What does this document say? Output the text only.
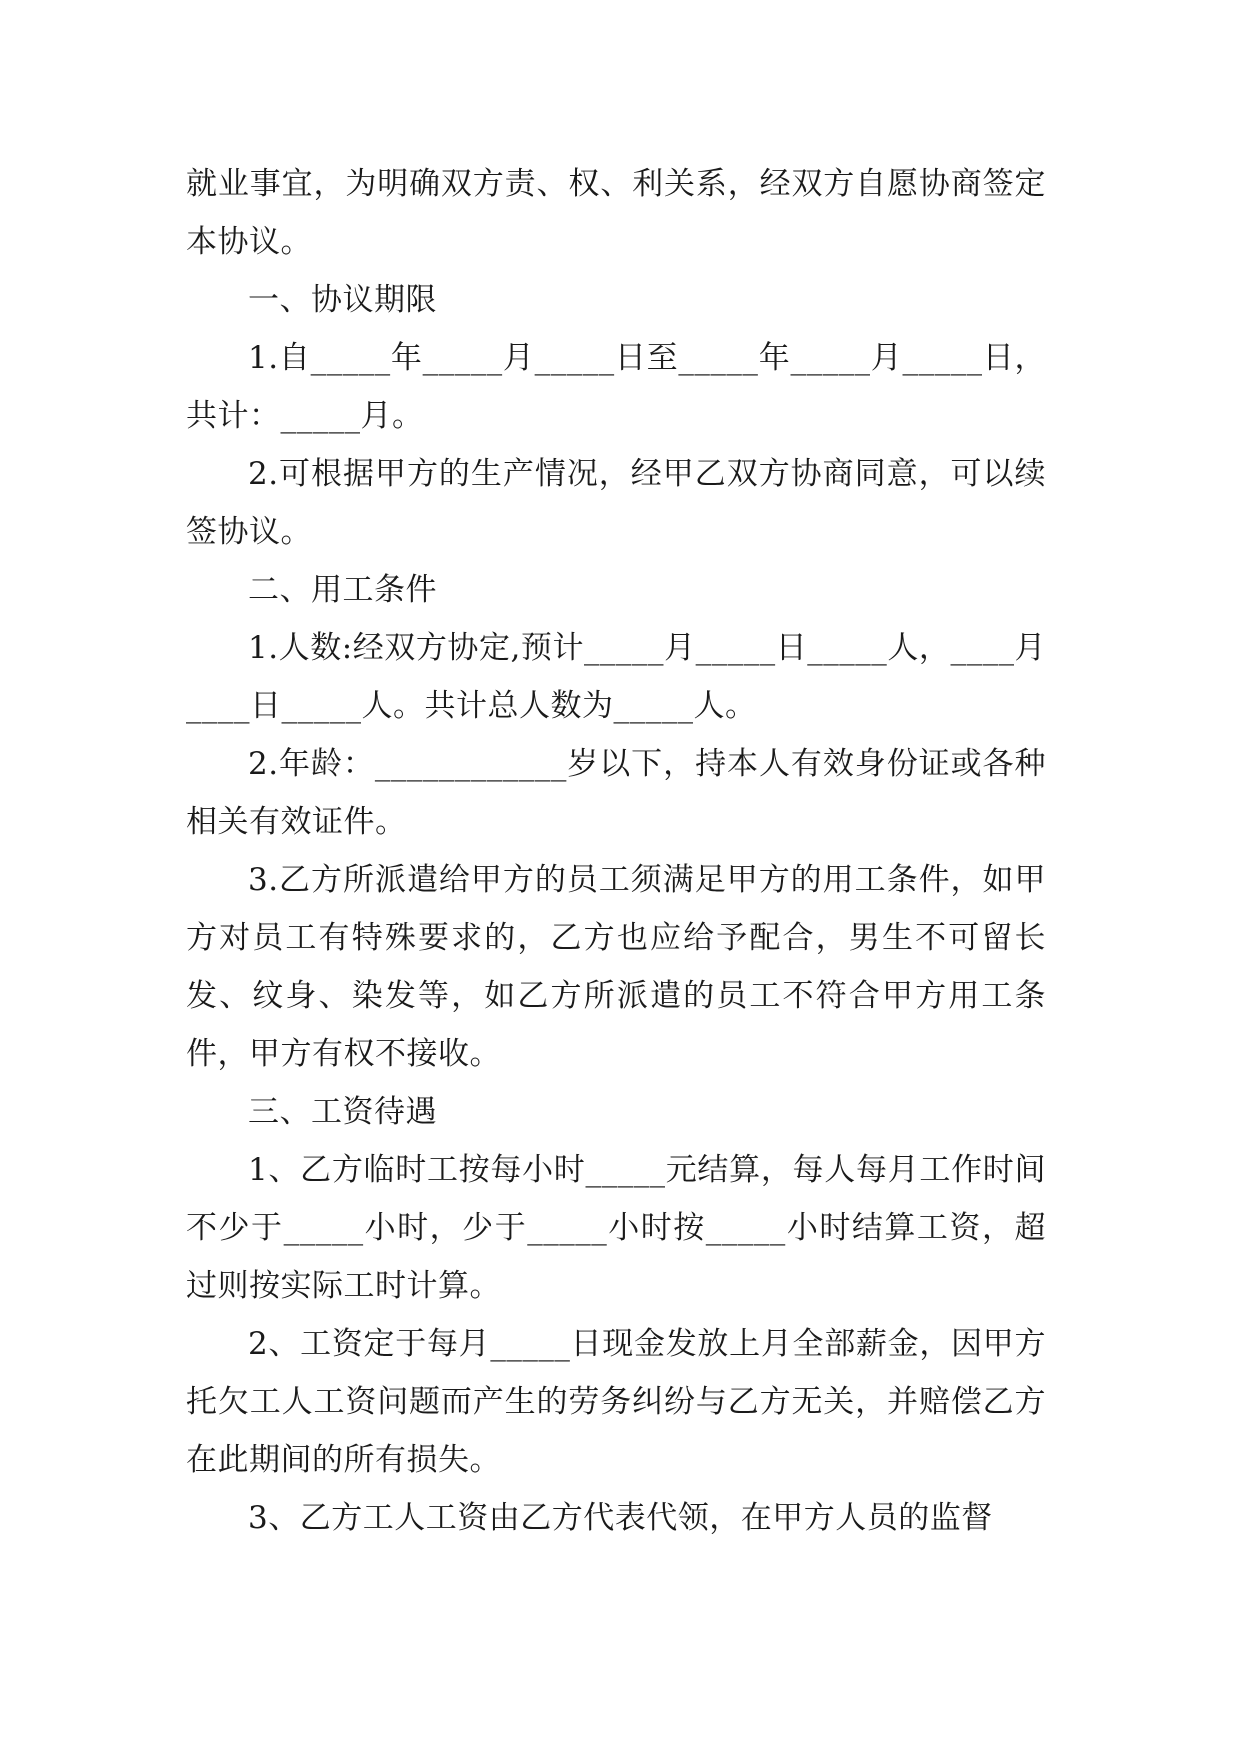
就业事宜，为明确双方责、权、利关系，经双方自愿协商签定本协议。

一、协议期限

1.自_____年_____月_____日至_____年_____月_____日，共计：_____月。

2.可根据甲方的生产情况，经甲乙双方协商同意，可以续签协议。

二、用工条件

1.人数:经双方协定,预计_____月_____日_____人，____月____日_____人。共计总人数为_____人。

2.年龄：____________岁以下，持本人有效身份证或各种相关有效证件。

3.乙方所派遣给甲方的员工须满足甲方的用工条件，如甲方对员工有特殊要求的，乙方也应给予配合，男生不可留长发、纹身、染发等，如乙方所派遣的员工不符合甲方用工条件，甲方有权不接收。

三、工资待遇

1、乙方临时工按每小时_____元结算，每人每月工作时间不少于_____小时，少于_____小时按_____小时结算工资，超过则按实际工时计算。

2、工资定于每月_____日现金发放上月全部薪金，因甲方托欠工人工资问题而产生的劳务纠纷与乙方无关，并赔偿乙方在此期间的所有损失。

3、乙方工人工资由乙方代表代领，在甲方人员的监督
